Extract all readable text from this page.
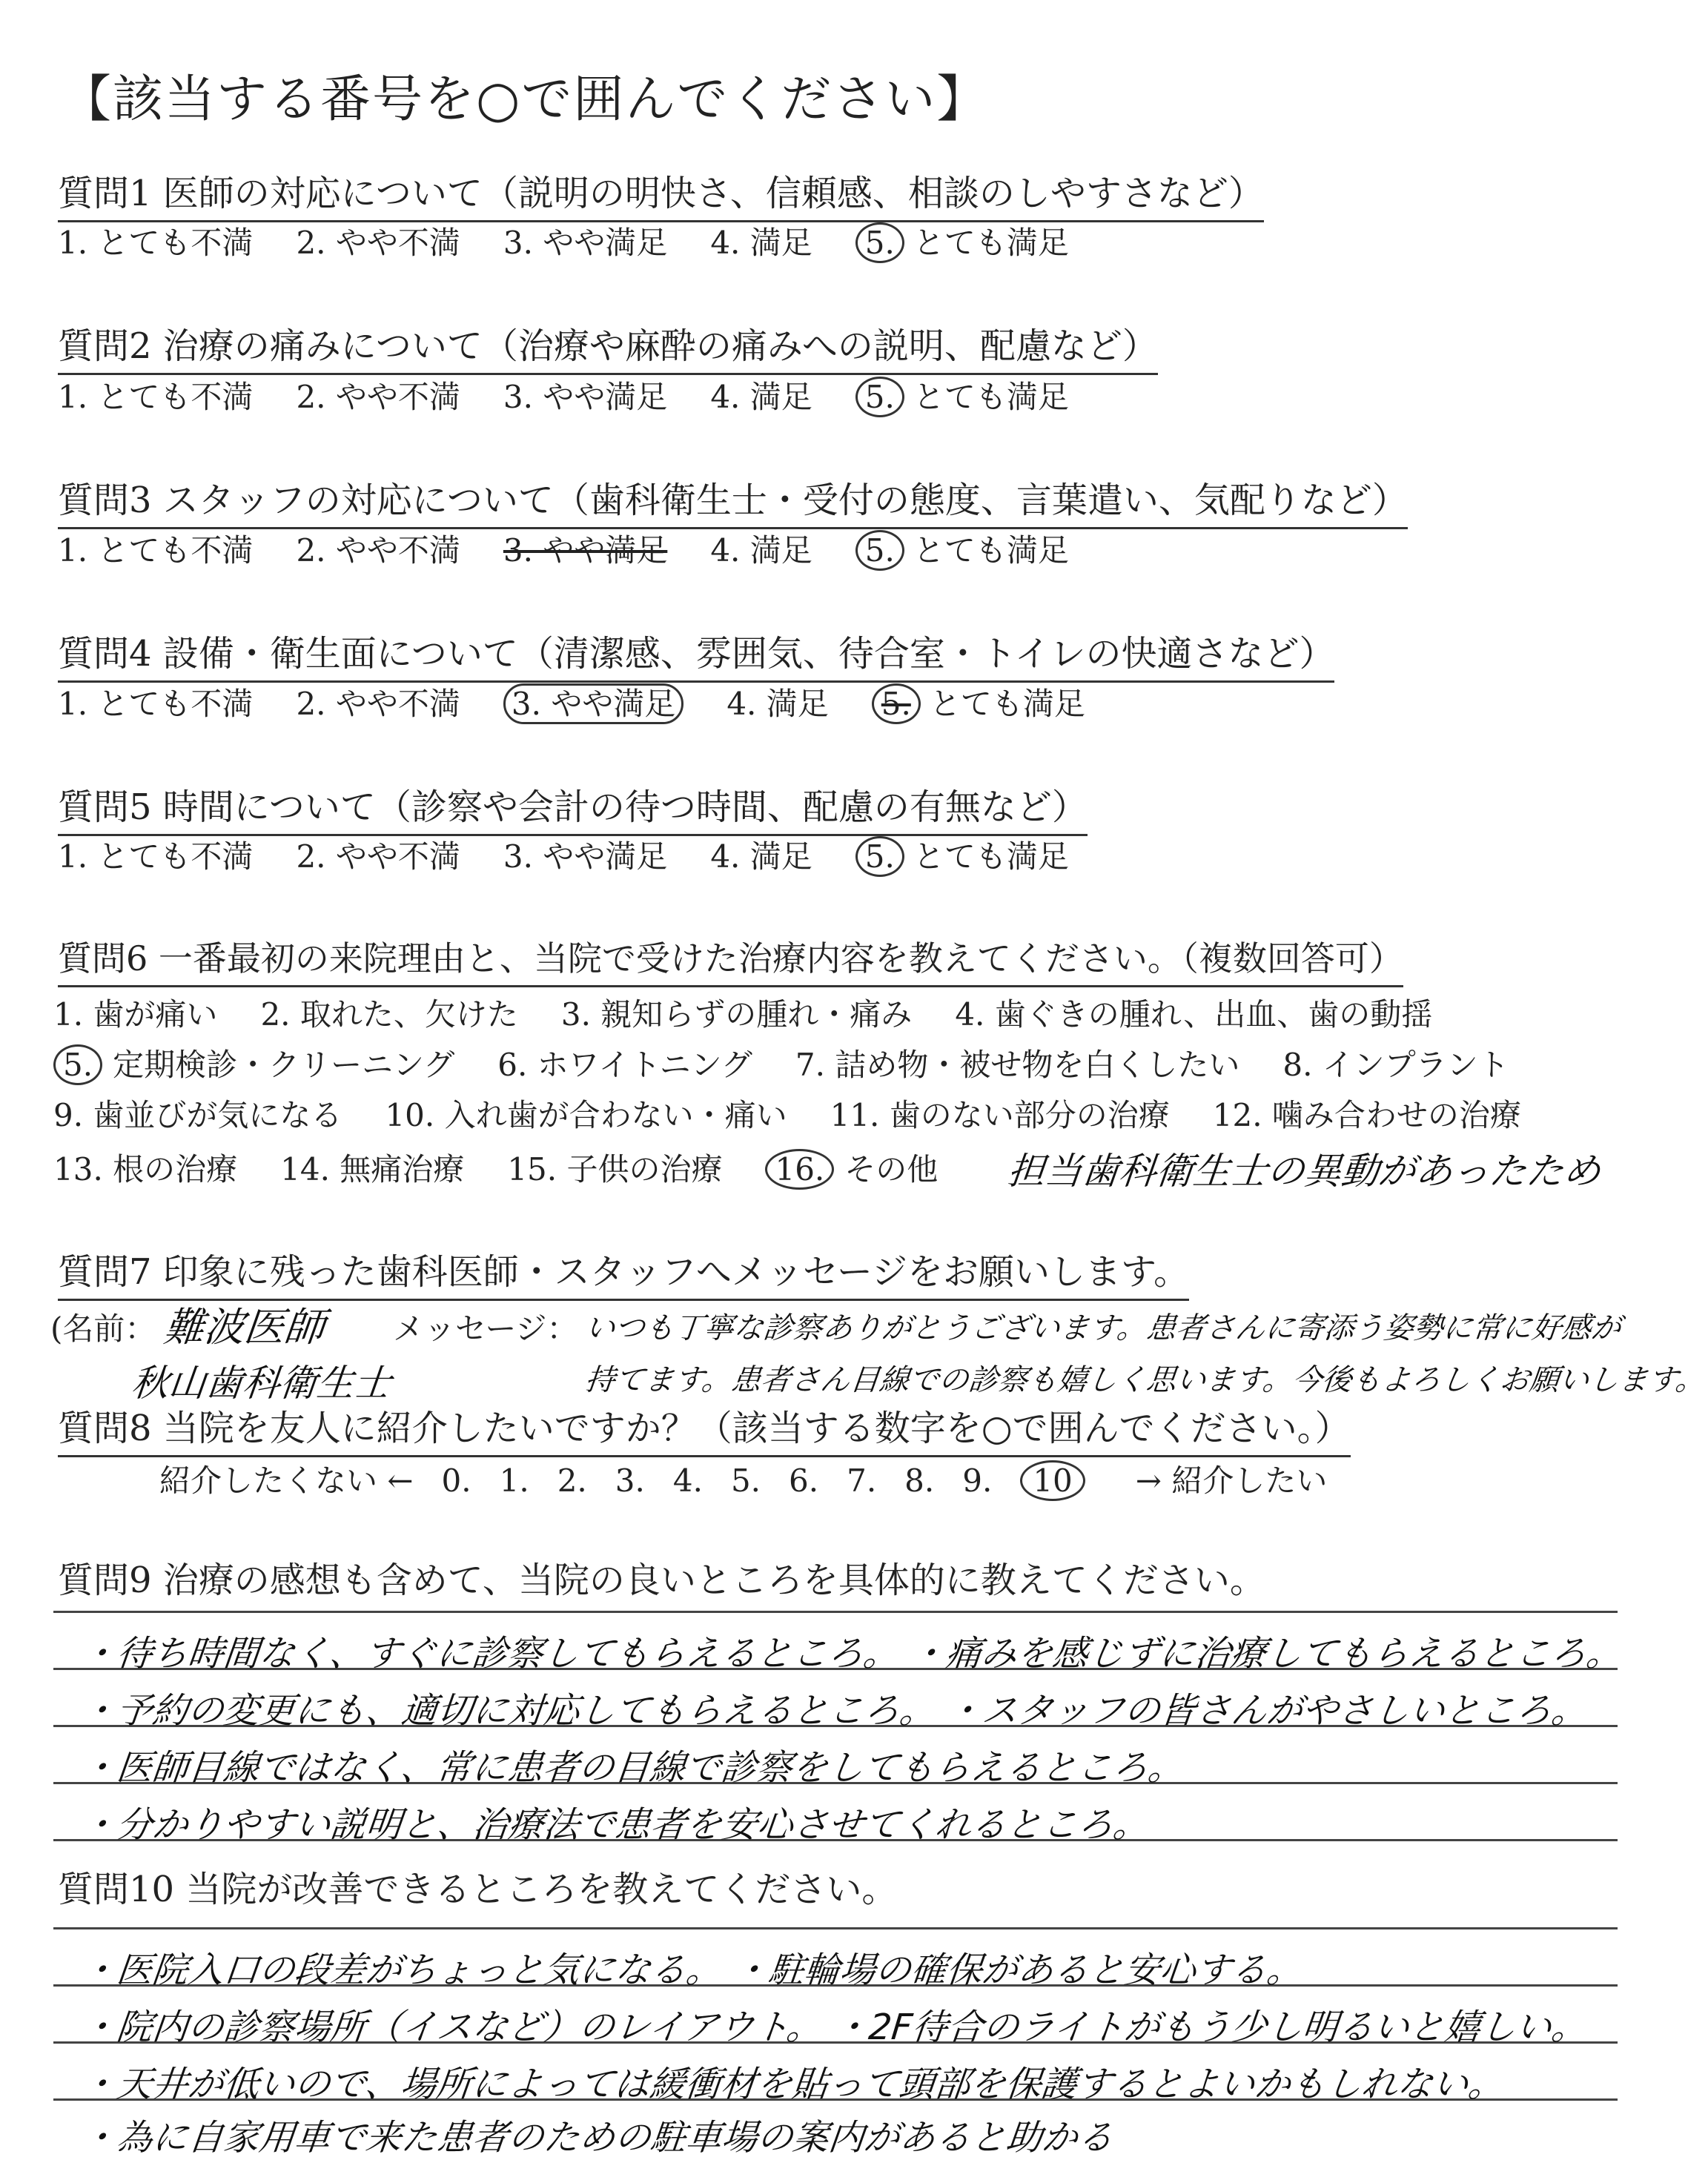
【該当する番号を○で囲んでください】
質問1 医師の対応について（説明の明快さ、信頼感、相談のしやすさなど）
1. とても不満 2. やや不満 3. やや満足 4. 満足 5. とても満足
質問2 治療の痛みについて（治療や麻酔の痛みへの説明、配慮など）
1. とても不満 2. やや不満 3. やや満足 4. 満足 5. とても満足
質問3 スタッフの対応について（歯科衛生士・受付の態度、言葉遣い、気配りなど）
1. とても不満 2. やや不満 3. やや満足 4. 満足 5. とても満足
質問4 設備・衛生面について（清潔感、雰囲気、待合室・トイレの快適さなど）
1. とても不満 2. やや不満 3. やや満足 4. 満足 5. とても満足
質問5 時間について（診察や会計の待つ時間、配慮の有無など）
1. とても不満 2. やや不満 3. やや満足 4. 満足 5. とても満足
質問6 一番最初の来院理由と、当院で受けた治療内容を教えてください。（複数回答可）
1. 歯が痛い 2. 取れた、欠けた 3. 親知らずの腫れ・痛み 4. 歯ぐきの腫れ、出血、歯の動揺
5. 定期検診・クリーニング 6. ホワイトニング 7. 詰め物・被せ物を白くしたい 8. インプラント
9. 歯並びが気になる 10. 入れ歯が合わない・痛い 11. 歯のない部分の治療 12. 噛み合わせの治療
13. 根の治療 14. 無痛治療 15. 子供の治療 16. その他	担当歯科衛生士の異動があったため
質問7 印象に残った歯科医師・スタッフへメッセージをお願いします。
(名前： 難波医師
秋山歯科衛生士
メッセージ： いつも丁寧な診察ありがとうございます。患者さんに寄添う姿勢に常に好感が
持てます。患者さん目線での診察も嬉しく思います。今後もよろしくお願いします。
質問8 当院を友人に紹介したいですか？（該当する数字を○で囲んでください。）
紹介したくない ← 0. 1. 2. 3. 4. 5. 6. 7. 8. 9. 10 → 紹介したい
質問9 治療の感想も含めて、当院の良いところを具体的に教えてください。
・待ち時間なく、すぐに診察してもらえるところ。 ・痛みを感じずに治療してもらえるところ。
・予約の変更にも、適切に対応してもらえるところ。 ・スタッフの皆さんがやさしいところ。
・医師目線ではなく、常に患者の目線で診察をしてもらえるところ。
・分かりやすい説明と、治療法で患者を安心させてくれるところ。
質問10 当院が改善できるところを教えてください。
・医院入口の段差がちょっと気になる。 ・駐輪場の確保があると安心する。
・院内の診察場所（イスなど）のレイアウト。 ・2F待合のライトがもう少し明るいと嬉しい。
・天井が低いので、場所によっては緩衝材を貼って頭部を保護するとよいかもしれない。
・為に自家用車で来た患者のための駐車場の案内があると助かる
